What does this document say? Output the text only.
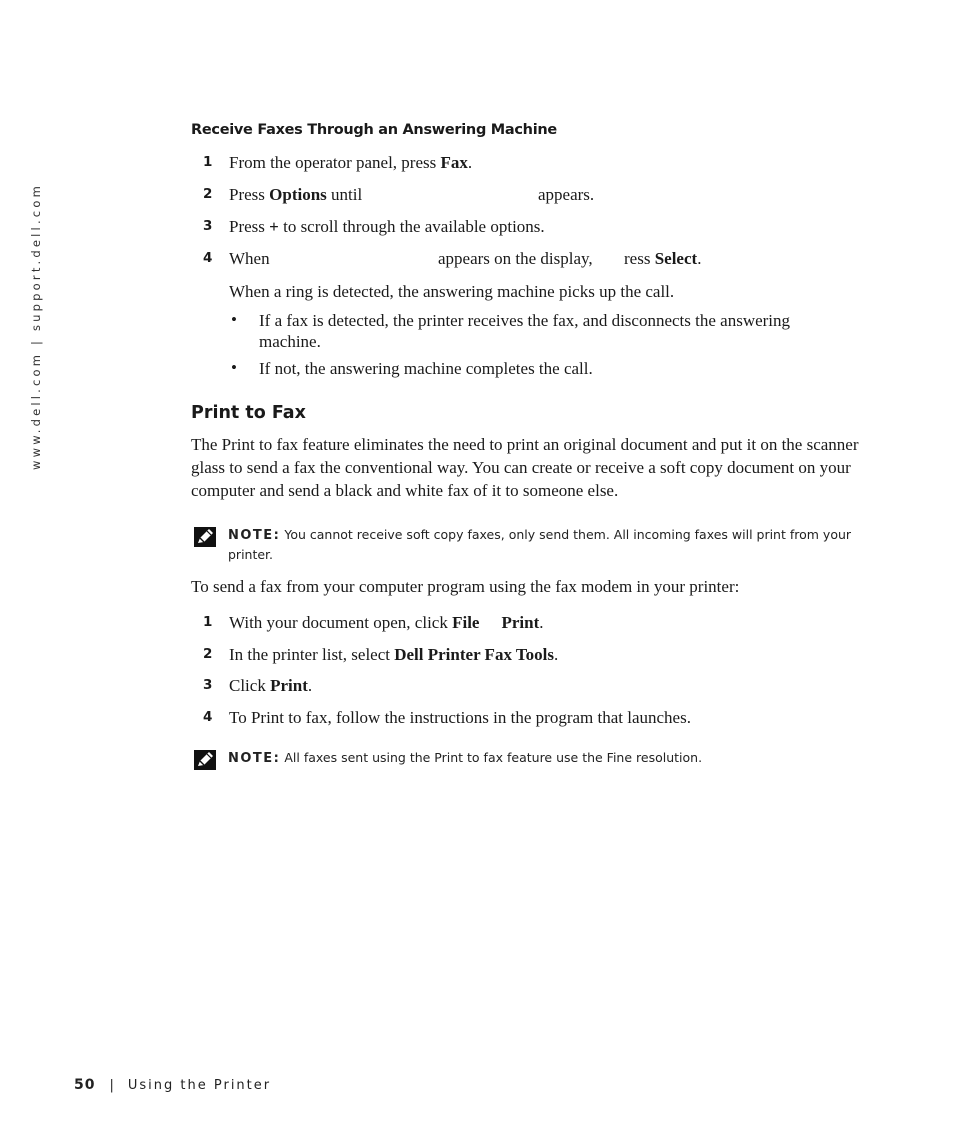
www.dell.com | support.dell.com
Receive Faxes Through an Answering Machine
1 From the operator panel, press Fax.
2 Press Options until	appears.
3 Press + to scroll through the available options.
4 When	appears on the display, ress Select.
When a ring is detected, the answering machine picks up the call.
• If a fax is detected, the printer receives the fax, and disconnects the answering machine.
• If not, the answering machine completes the call.
Print to Fax
The Print to fax feature eliminates the need to print an original document and put it on the scanner glass to send a fax the conventional way. You can create or receive a soft copy document on your computer and send a black and white fax of it to someone else.
NOTE: You cannot receive soft copy faxes, only send them. All incoming faxes will print from your printer.
To send a fax from your computer program using the fax modem in your printer:
1 With your document open, click File Print.
2 In the printer list, select Dell Printer Fax Tools.
3 Click Print.
4 To Print to fax, follow the instructions in the program that launches.
NOTE: All faxes sent using the Print to fax feature use the Fine resolution.
50 | Using the Printer
